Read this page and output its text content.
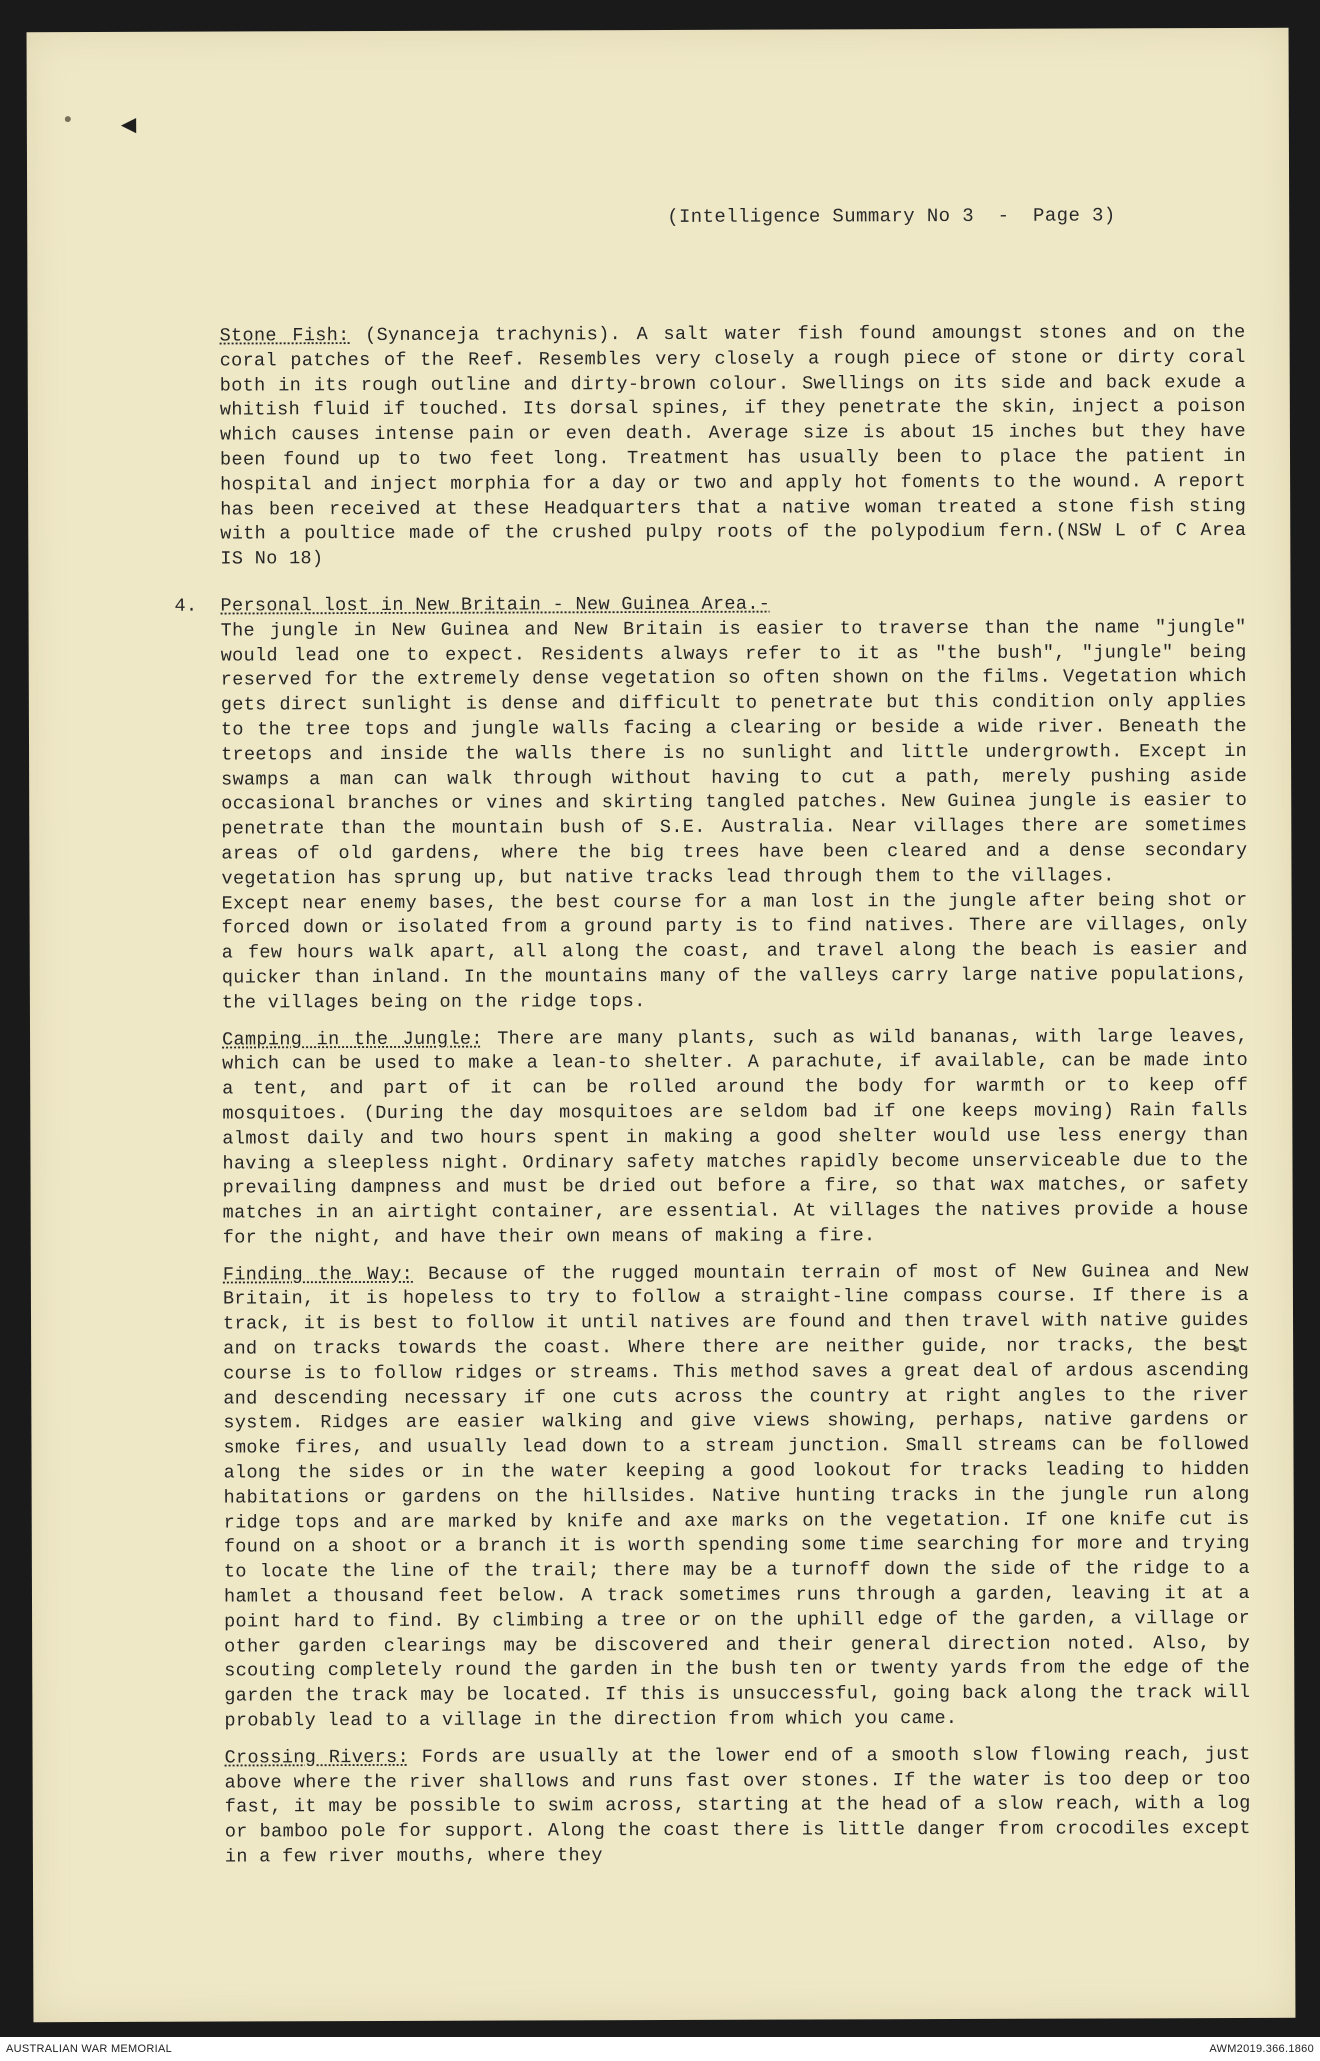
◀
(Intelligence Summary No 3  -  Page 3)

Stone Fish: (Synanceja trachynis). A salt water fish found amoungst stones and on the coral patches of the Reef. Resembles very closely a rough piece of stone or dirty coral both in its rough outline and dirty-brown colour. Swellings on its side and back exude a whitish fluid if touched. Its dorsal spines, if they penetrate the skin, inject a poison which causes intense pain or even death. Average size is about 15 inches but they have been found up to two feet long. Treatment has usually been to place the patient in hospital and inject morphia for a day or two and apply hot foments to the wound. A report has been received at these Headquarters that a native woman treated a stone fish sting with a poultice made of the crushed pulpy roots of the polypodium fern.(NSW L of C Area IS No 18)

4. Personal lost in New Britain - New Guinea Area.-

The jungle in New Guinea and New Britain is easier to traverse than the name "jungle" would lead one to expect. Residents always refer to it as "the bush", "jungle" being reserved for the extremely dense vegetation so often shown on the films. Vegetation which gets direct sunlight is dense and difficult to penetrate but this condition only applies to the tree tops and jungle walls facing a clearing or beside a wide river. Beneath the treetops and inside the walls there is no sunlight and little undergrowth. Except in swamps a man can walk through without having to cut a path, merely pushing aside occasional branches or vines and skirting tangled patches. New Guinea jungle is easier to penetrate than the mountain bush of S.E. Australia. Near villages there are sometimes areas of old gardens, where the big trees have been cleared and a dense secondary vegetation has sprung up, but native tracks lead through them to the villages.

Except near enemy bases, the best course for a man lost in the jungle after being shot or forced down or isolated from a ground party is to find natives. There are villages, only a few hours walk apart, all along the coast, and travel along the beach is easier and quicker than inland. In the mountains many of the valleys carry large native populations, the villages being on the ridge tops.

Camping in the Jungle: There are many plants, such as wild bananas, with large leaves, which can be used to make a lean-to shelter. A parachute, if available, can be made into a tent, and part of it can be rolled around the body for warmth or to keep off mosquitoes. (During the day mosquitoes are seldom bad if one keeps moving) Rain falls almost daily and two hours spent in making a good shelter would use less energy than having a sleepless night. Ordinary safety matches rapidly become unserviceable due to the prevailing dampness and must be dried out before a fire, so that wax matches, or safety matches in an airtight container, are essential. At villages the natives provide a house for the night, and have their own means of making a fire.

Finding the Way: Because of the rugged mountain terrain of most of New Guinea and New Britain, it is hopeless to try to follow a straight-line compass course. If there is a track, it is best to follow it until natives are found and then travel with native guides and on tracks towards the coast. Where there are neither guide, nor tracks, the best course is to follow ridges or streams. This method saves a great deal of ardous ascending and descending necessary if one cuts across the country at right angles to the river system. Ridges are easier walking and give views showing, perhaps, native gardens or smoke fires, and usually lead down to a stream junction. Small streams can be followed along the sides or in the water keeping a good lookout for tracks leading to hidden habitations or gardens on the hillsides. Native hunting tracks in the jungle run along ridge tops and are marked by knife and axe marks on the vegetation. If one knife cut is found on a shoot or a branch it is worth spending some time searching for more and trying to locate the line of the trail; there may be a turnoff down the side of the ridge to a hamlet a thousand feet below. A track sometimes runs through a garden, leaving it at a point hard to find. By climbing a tree or on the uphill edge of the garden, a village or other garden clearings may be discovered and their general direction noted. Also, by scouting completely round the garden in the bush ten or twenty yards from the edge of the garden the track may be located. If this is unsuccessful, going back along the track will probably lead to a village in the direction from which you came.

Crossing Rivers: Fords are usually at the lower end of a smooth slow flowing reach, just above where the river shallows and runs fast over stones. If the water is too deep or too fast, it may be possible to swim across, starting at the head of a slow reach, with a log or bamboo pole for support. Along the coast there is little danger from crocodiles except in a few river mouths, where they

AUSTRALIAN WAR MEMORIAL	AWM2019.366.1860
